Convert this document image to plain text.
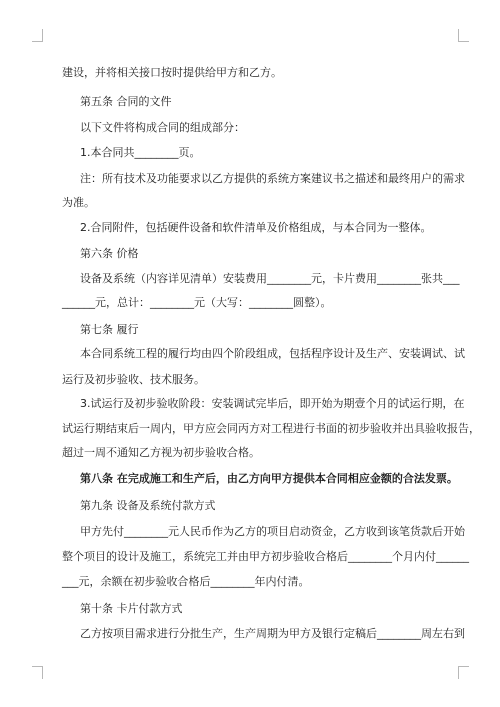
建设，并将相关接口按时提供给甲方和乙方。
第五条 合同的文件
以下文件将构成合同的组成部分：
1.本合同共________页。
注：所有技术及功能要求以乙方提供的系统方案建议书之描述和最终用户的需求
为准。
2.合同附件，包括硬件设备和软件清单及价格组成，与本合同为一整体。
第六条 价格
设备及系统（内容详见清单）安装费用________元，卡片费用________张共___
______元，总计：________元（大写：________圆整）。
第七条 履行
本合同系统工程的履行均由四个阶段组成，包括程序设计及生产、安装调试、试
运行及初步验收、技术服务。
3.试运行及初步验收阶段：安装调试完毕后，即开始为期壹个月的试运行期，在
试运行期结束后一周内，甲方应会同丙方对工程进行书面的初步验收并出具验收报告，
超过一周不通知乙方视为初步验收合格。
第八条 在完成施工和生产后，由乙方向甲方提供本合同相应金额的合法发票。
第九条 设备及系统付款方式
甲方先付________元人民币作为乙方的项目启动资金，乙方收到该笔货款后开始
整个项目的设计及施工，系统完工并由甲方初步验收合格后________个月内付______
___元，余额在初步验收合格后________年内付清。
第十条 卡片付款方式
乙方按项目需求进行分批生产，生产周期为甲方及银行定稿后________周左右到
